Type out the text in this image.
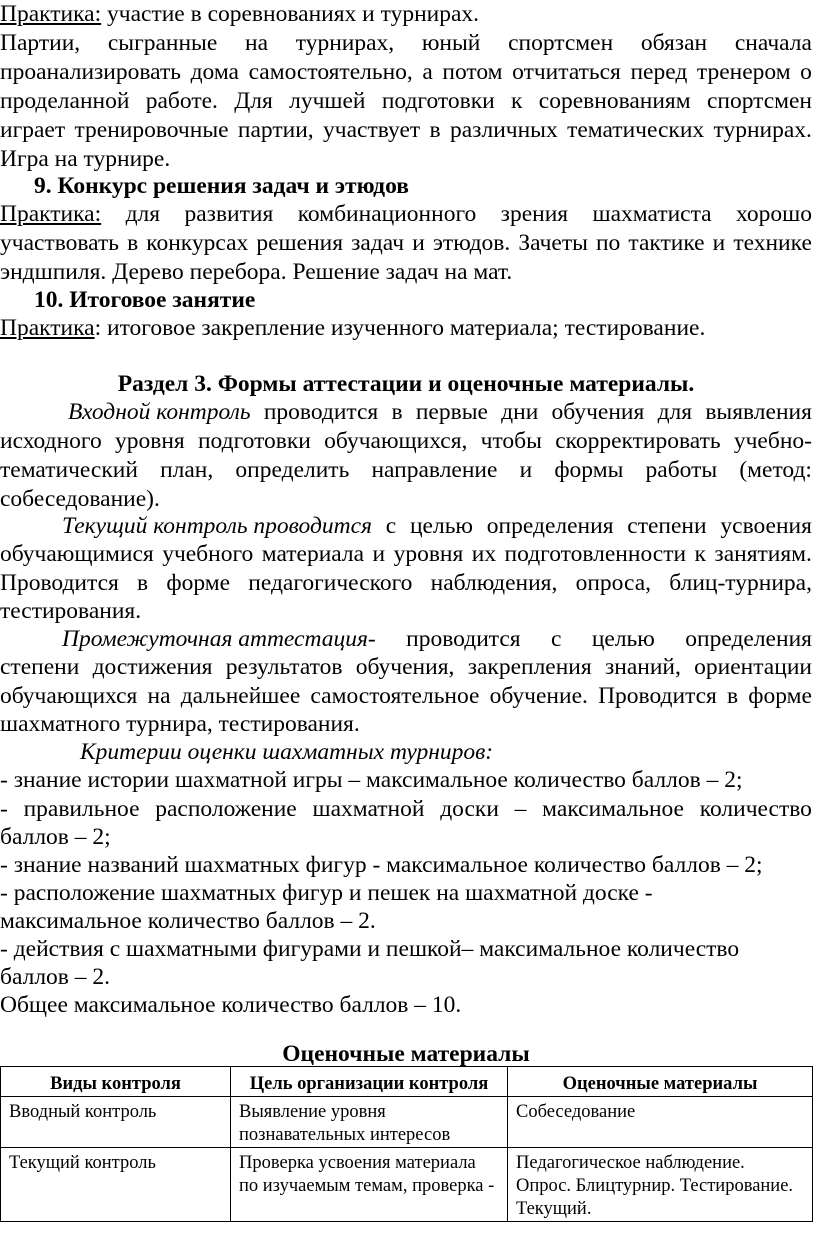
Практика: участие в соревнованиях и турнирах.
Партии, сыгранные на турнирах, юный спортсмен обязан сначала
проанализировать дома самостоятельно, а потом отчитаться перед тренером о
проделанной работе. Для лучшей подготовки к соревнованиям спортсмен
играет тренировочные партии, участвует в различных тематических турнирах.
Игра на турнире.
9. Конкурс решения задач и этюдов
Практика: для развития комбинационного зрения шахматиста хорошо
участвовать в конкурсах решения задач и этюдов. Зачеты по тактике и технике
эндшпиля. Дерево перебора. Решение задач на мат.
10. Итоговое занятие
Практика: итоговое закрепление изученного материала; тестирование.
Раздел 3. Формы аттестации и оценочные материалы.
Входной контроль проводится в первые дни обучения для выявления
исходного уровня подготовки обучающихся, чтобы скорректировать учебно-
тематический план, определить направление и формы работы (метод:
собеседование).
Текущий контроль проводится с целью определения степени усвоения
обучающимися учебного материала и уровня их подготовленности к занятиям.
Проводится в форме педагогического наблюдения, опроса, блиц-турнира,
тестирования.
Промежуточная аттестация- проводится с целью определения
степени достижения результатов обучения, закрепления знаний, ориентации
обучающихся на дальнейшее самостоятельное обучение. Проводится в форме
шахматного турнира, тестирования.
Критерии оценки шахматных турниров:
- знание истории шахматной игры – максимальное количество баллов – 2;
- правильное расположение шахматной доски – максимальное количество
баллов – 2;
- знание названий шахматных фигур - максимальное количество баллов – 2;
- расположение шахматных фигур и пешек на шахматной доске -
максимальное количество баллов – 2.
- действия с шахматными фигурами и пешкой– максимальное количество
баллов – 2.
Общее максимальное количество баллов – 10.
Оценочные материалы
Виды контроля	Цель организации контроля	Оценочные материалы
Вводный контроль	Выявление уровня познавательных интересов	Собеседование
Текущий контроль	Проверка усвоения материала по изучаемым темам, проверка -	Педагогическое наблюдение. Опрос. Блицтурнир. Тестирование. Текущий.
